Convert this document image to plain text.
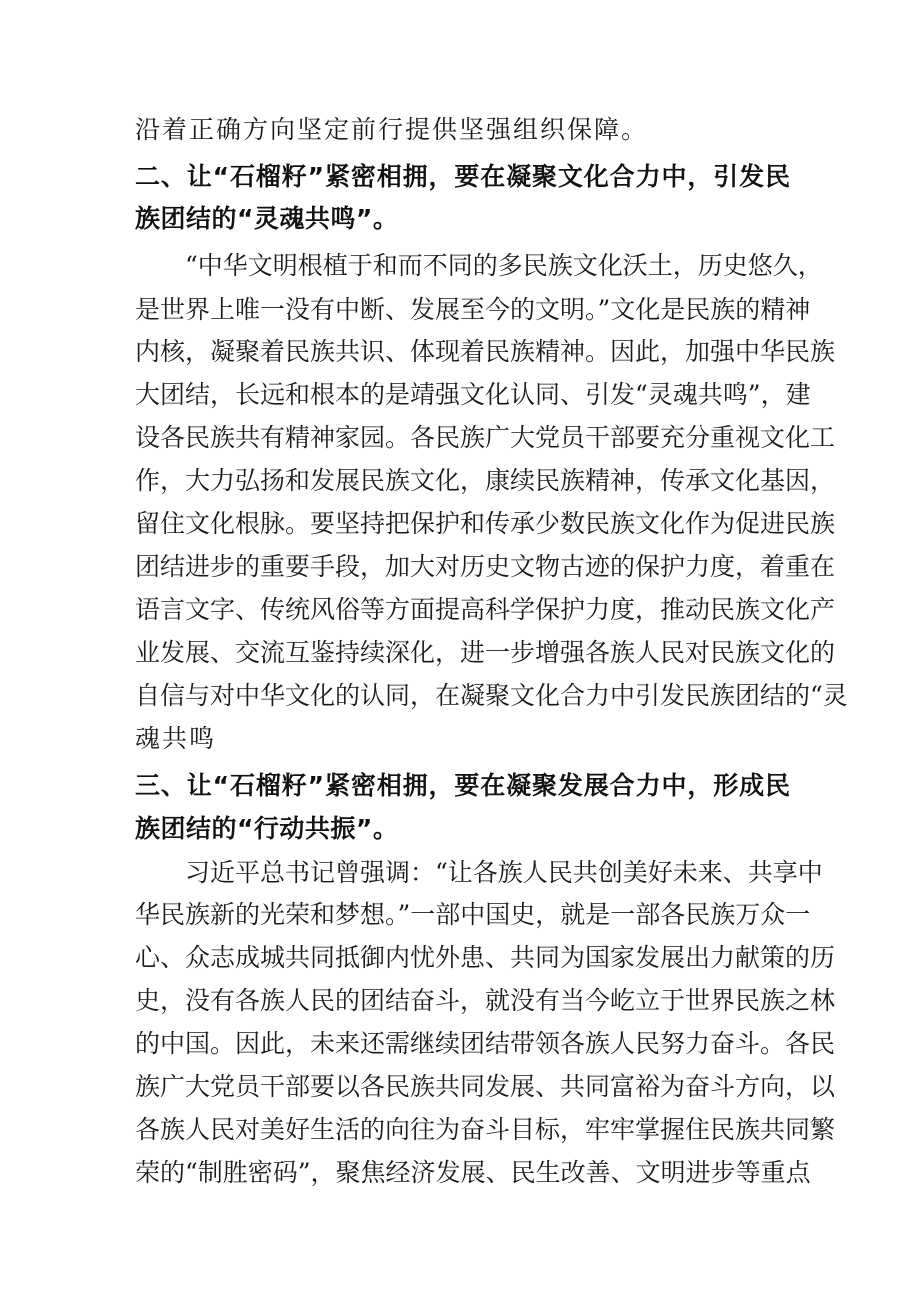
沿着正确方向坚定前行提供坚强组织保障。
二、让“石榴籽”紧密相拥，要在凝聚文化合力中，引发民
族团结的“灵魂共鸣”。
“中华文明根植于和而不同的多民族文化沃土，历史悠久，
是世界上唯一没有中断、发展至今的文明。”文化是民族的精神
内核，凝聚着民族共识、体现着民族精神。因此，加强中华民族
大团结，长远和根本的是靖强文化认同、引发“灵魂共鸣”，建
设各民族共有精神家园。各民族广大党员干部要充分重视文化工
作，大力弘扬和发展民族文化，康续民族精神，传承文化基因，
留住文化根脉。要坚持把保护和传承少数民族文化作为促进民族
团结进步的重要手段，加大对历史文物古迹的保护力度，着重在
语言文字、传统风俗等方面提高科学保护力度，推动民族文化产
业发展、交流互鉴持续深化，进一步增强各族人民对民族文化的
自信与对中华文化的认同，在凝聚文化合力中引发民族团结的“灵
魂共鸣
三、让“石榴籽”紧密相拥，要在凝聚发展合力中，形成民
族团结的“行动共振”。
习近平总书记曾强调：“让各族人民共创美好未来、共享中
华民族新的光荣和梦想。”一部中国史，就是一部各民族万众一
心、众志成城共同抵御内忧外患、共同为国家发展出力献策的历
史，没有各族人民的团结奋斗，就没有当今屹立于世界民族之林
的中国。因此，未来还需继续团结带领各族人民努力奋斗。各民
族广大党员干部要以各民族共同发展、共同富裕为奋斗方向，以
各族人民对美好生活的向往为奋斗目标，牢牢掌握住民族共同繁
荣的“制胜密码”，聚焦经济发展、民生改善、文明进步等重点
